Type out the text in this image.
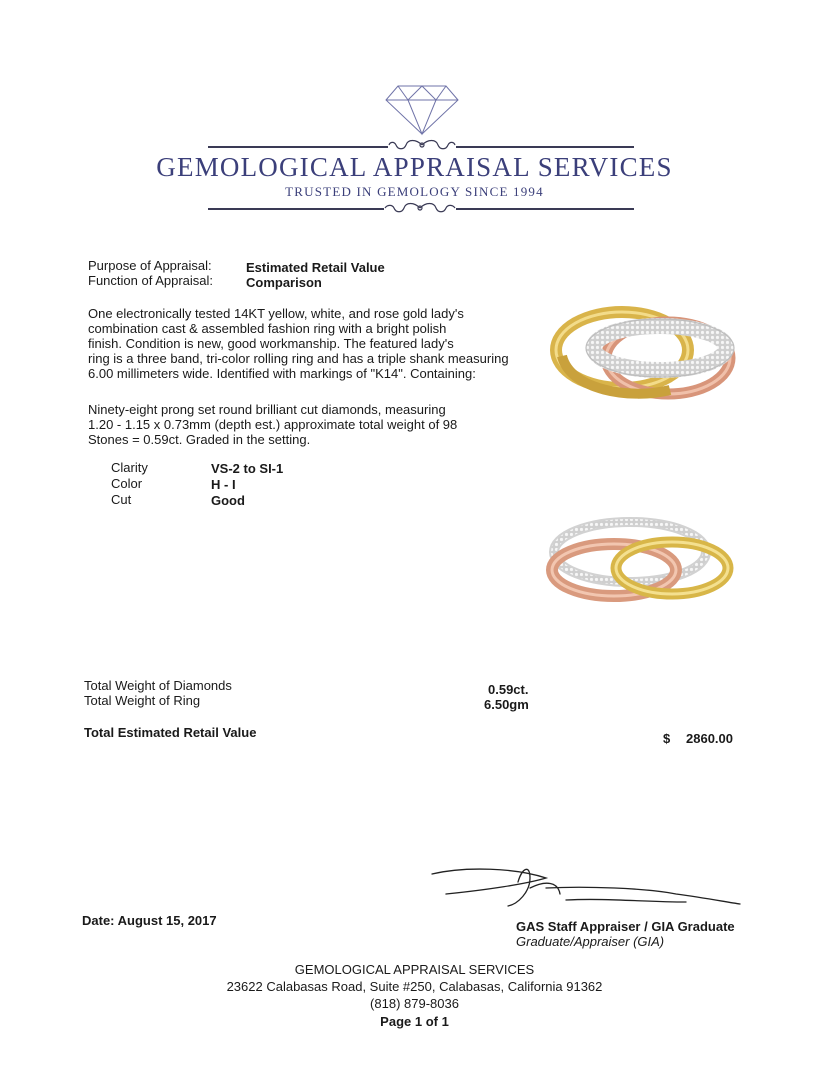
GEMOLOGICAL APPRAISAL SERVICES
TRUSTED IN GEMOLOGY SINCE 1994
Purpose of Appraisal:	Estimated Retail Value
Function of Appraisal:	Comparison
One electronically tested 14KT yellow, white, and rose gold lady's
combination cast & assembled fashion ring with a bright polish
finish. Condition is new, good workmanship. The featured lady's
ring is a three band, tri-color rolling ring and has a triple shank measuring
6.00 millimeters wide. Identified with markings of "K14". Containing:
Ninety-eight prong set round brilliant cut diamonds, measuring
1.20 - 1.15 x 0.73mm (depth est.) approximate total weight of 98
Stones = 0.59ct. Graded in the setting.
Clarity	VS-2 to SI-1
Color	H - I
Cut	Good
Total Weight of Diamonds	0.59ct.
Total Weight of Ring	6.50gm
Total Estimated Retail Value	$ 2860.00
Date: August 15, 2017	GAS Staff Appraiser / GIA Graduate
Graduate/Appraiser (GIA)
GEMOLOGICAL APPRAISAL SERVICES
23622 Calabasas Road, Suite #250, Calabasas, California 91362
(818) 879-8036
Page 1 of 1
